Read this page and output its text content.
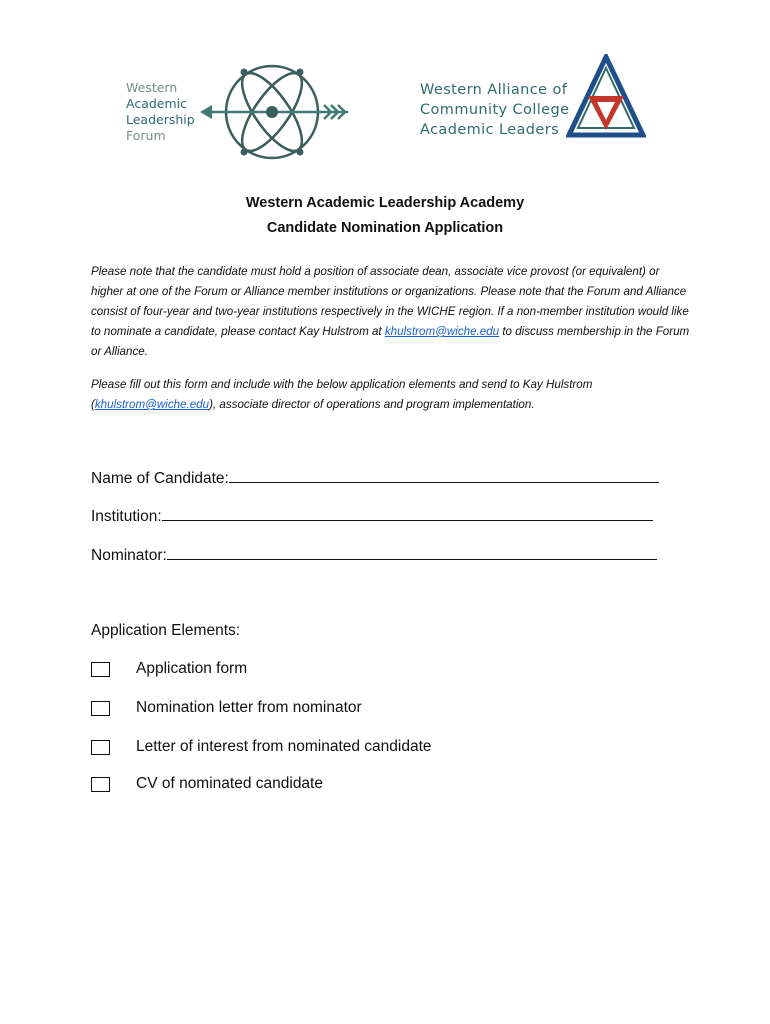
Western
Academic
Leadership
Forum
Western Alliance of
Community College
Academic Leaders
Western Academic Leadership Academy
Candidate Nomination Application
Please note that the candidate must hold a position of associate dean, associate vice provost (or equivalent) or higher at one of the Forum or Alliance member institutions or organizations. Please note that the Forum and Alliance consist of four-year and two-year institutions respectively in the WICHE region. If a non-member institution would like to nominate a candidate, please contact Kay Hulstrom at khulstrom@wiche.edu to discuss membership in the Forum or Alliance.
Please fill out this form and include with the below application elements and send to Kay Hulstrom (khulstrom@wiche.edu), associate director of operations and program implementation.
Name of Candidate:
Institution:
Nominator:
Application Elements:
Application form
Nomination letter from nominator
Letter of interest from nominated candidate
CV of nominated candidate
